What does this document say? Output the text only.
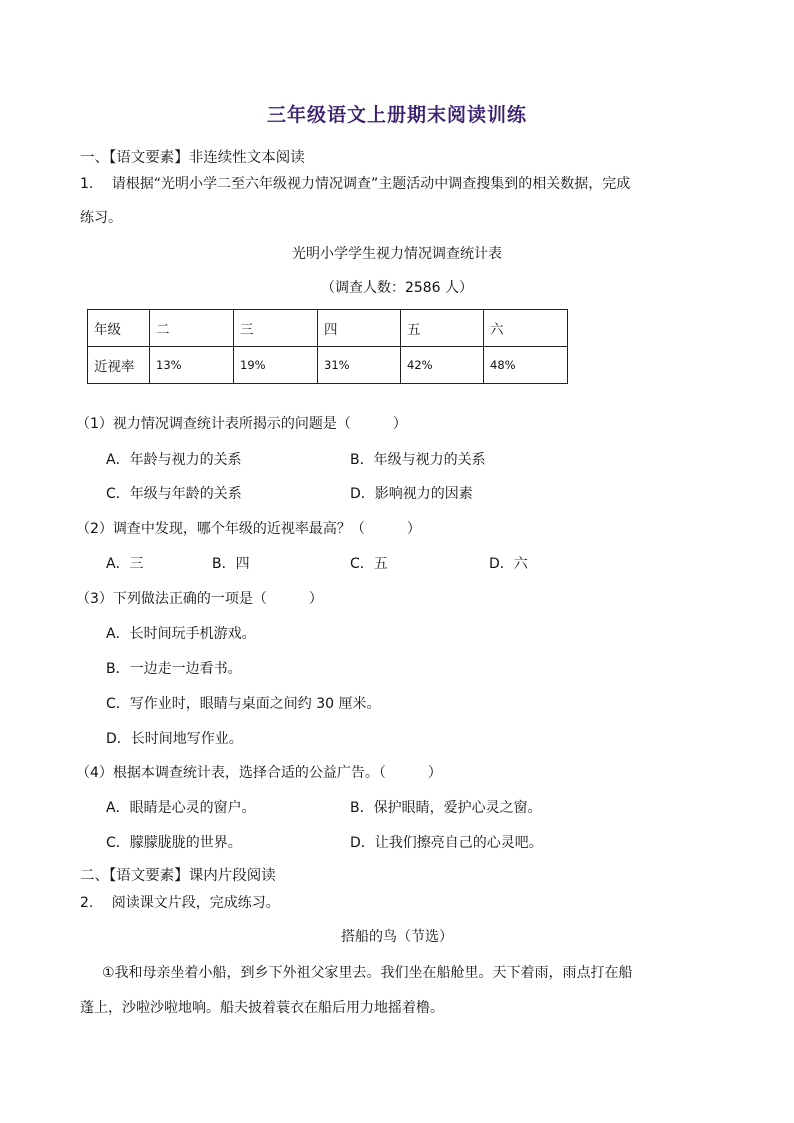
三年级语文上册期末阅读训练
一、【语文要素】非连续性文本阅读
1.　 请根据“光明小学二至六年级视力情况调查”主题活动中调查搜集到的相关数据，完成
练习。
光明小学学生视力情况调查统计表
（调查人数：2586 人）
年级	二	三	四	五	六
近视率	13%	19%	31%	42%	48%
（1）视力情况调查统计表所揭示的问题是（　　　）
A．年龄与视力的关系	B．年级与视力的关系
C．年级与年龄的关系	D．影响视力的因素
（2）调查中发现，哪个年级的近视率最高？（　　　）
A．三	B．四	C．五	D．六
（3）下列做法正确的一项是（　　　）
A．长时间玩手机游戏。
B．一边走一边看书。
C．写作业时，眼睛与桌面之间约 30 厘米。
D．长时间地写作业。
（4）根据本调查统计表，选择合适的公益广告。（　　　）
A．眼睛是心灵的窗户。	B．保护眼睛，爱护心灵之窗。
C．朦朦胧胧的世界。	D．让我们擦亮自己的心灵吧。
二、【语文要素】课内片段阅读
2.　 阅读课文片段，完成练习。
搭船的鸟（节选）
①我和母亲坐着小船，到乡下外祖父家里去。我们坐在船舱里。天下着雨，雨点打在船
蓬上，沙啦沙啦地响。船夫披着蓑衣在船后用力地摇着橹。
